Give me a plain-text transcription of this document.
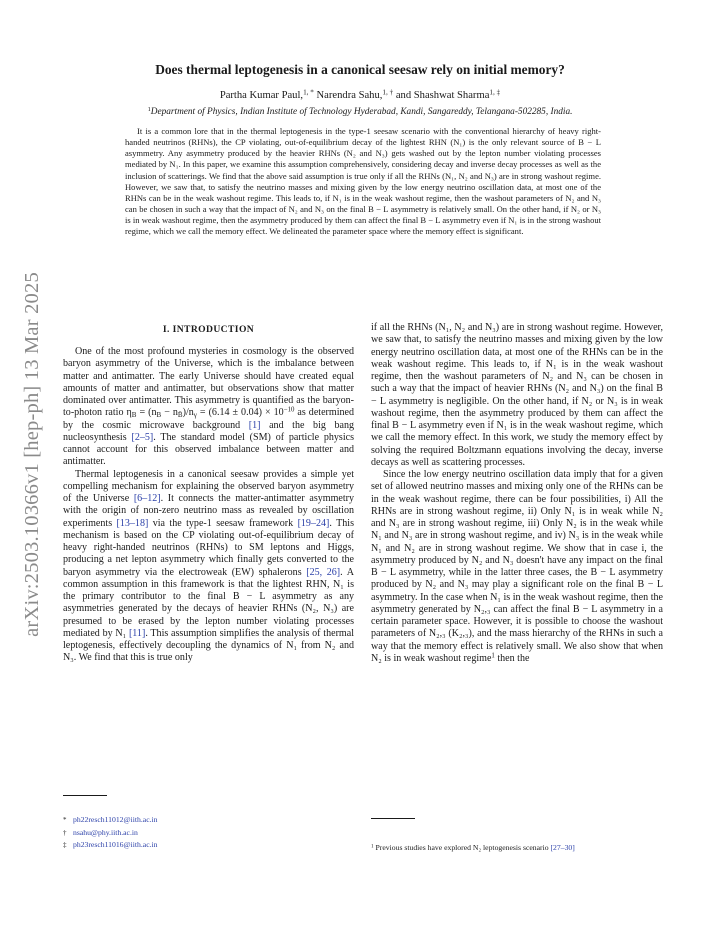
arXiv:2503.10366v1 [hep-ph] 13 Mar 2025
Does thermal leptogenesis in a canonical seesaw rely on initial memory?
Partha Kumar Paul,$^{1, *}$ Narendra Sahu,$^{1, \dagger}$ and Shashwat Sharma$^{1, \ddagger}$
$^1$Department of Physics, Indian Institute of Technology Hyderabad, Kandi, Sangareddy, Telangana-502285, India.

It is a common lore that in the thermal leptogenesis in the type-1 seesaw scenario with the conventional hierarchy of heavy right-handed neutrinos (RHNs), the CP violating, out-of-equilibrium decay of the lightest RHN (N₁) is the only relevant source of B − L asymmetry. Any asymmetry produced by the heavier RHNs (N₂ and N₃) gets washed out by the lepton number violating processes mediated by N₁. In this paper, we examine this assumption comprehensively, considering decay and inverse decay processes as well as the inclusion of scatterings. We find that the above said assumption is true only if all the RHNs (N₁, N₂ and N₃) are in strong washout regime. However, we saw that, to satisfy the neutrino masses and mixing given by the low energy neutrino oscillation data, at most one of the RHNs can be in the weak washout regime. This leads to, if N₁ is in the weak washout regime, then the washout parameters of N₂ and N₃ can be chosen in such a way that the impact of N₂ and N₃ on the final B − L asymmetry is relatively small. On the other hand, if N₂ or N₃ is in weak washout regime, then the asymmetry produced by them can affect the final B − L asymmetry even if N₁ is in the strong washout regime, which we call the memory effect. We delineated the parameter space where the memory effect is significant.

I. INTRODUCTION

One of the most profound mysteries in cosmology is the observed baryon asymmetry of the Universe, which is the imbalance between matter and antimatter. The early Universe should have created equal amounts of matter and antimatter, but observations show that matter dominated over antimatter. This asymmetry is quantified as the baryon-to-photon ratio $\eta_B = (n_B - n_{B̄})/n_\gamma = (6.14 \pm 0.04) \times 10^{-10}$ as determined by the cosmic microwave background [1] and the big bang nucleosynthesis [2–5]. The standard model (SM) of particle physics cannot account for this observed imbalance between matter and antimatter.

Thermal leptogenesis in a canonical seesaw provides a simple yet compelling mechanism for explaining the observed baryon asymmetry of the Universe [6–12]. It connects the matter-antimatter asymmetry with the origin of non-zero neutrino mass as revealed by oscillation experiments [13–18] via the type-1 seesaw framework [19–24]. This mechanism is based on the CP violating out-of-equilibrium decay of heavy right-handed neutrinos (RHNs) to SM leptons and Higgs, producing a net lepton asymmetry which finally gets converted to the baryon asymmetry via the electroweak (EW) sphalerons [25, 26]. A common assumption in this framework is that the lightest RHN, N₁ is the primary contributor to the final B − L asymmetry as any asymmetries generated by the decays of heavier RHNs (N₂, N₃) are presumed to be erased by the lepton number violating processes mediated by N₁ [11]. This assumption simplifies the analysis of thermal leptogenesis, effectively decoupling the dynamics of N₁ from N₂ and N₃. We find that this is true only

if all the RHNs (N₁, N₂ and N₃) are in strong washout regime. However, we saw that, to satisfy the neutrino masses and mixing given by the low energy neutrino oscillation data, at most one of the RHNs can be in the weak washout regime. This leads to, if N₁ is in the weak washout regime, then the washout parameters of N₂ and N₃ can be chosen in such a way that the impact of heavier RHNs (N₂ and N₃) on the final B − L asymmetry is negligible. On the other hand, if N₂ or N₃ is in weak washout regime, then the asymmetry produced by them can affect the final B − L asymmetry even if N₁ is in the weak washout regime, which we call the memory effect. In this work, we study the memory effect by solving the required Boltzmann equations involving the decay, inverse decays as well as scattering processes.

Since the low energy neutrino oscillation data imply that for a given set of allowed neutrino masses and mixing only one of the RHNs can be in the weak washout regime, there can be four possibilities, i) All the RHNs are in strong washout regime, ii) Only N₁ is in weak while N₂ and N₃ are in strong washout regime, iii) Only N₂ is in the weak while N₁ and N₃ are in strong washout regime, and iv) N₃ is in the weak while N₁ and N₂ are in strong washout regime. We show that in case i, the asymmetry produced by N₂ and N₃ doesn't have any impact on the final B − L asymmetry, while in the latter three cases, the B − L asymmetry produced by N₂ and N₃ may play a significant role on the final B − L asymmetry. In the case when N₁ is in the weak washout regime, then the asymmetry generated by N₂,₃ can affect the final B − L asymmetry in a certain parameter space. However, it is possible to choose the washout parameters of N₂,₃ (K₂,₃), and the mass hierarchy of the RHNs in such a way that the memory effect is relatively small. We also show that when N₂ is in weak washout regime$^1$ then the

* ph22resch11012@iith.ac.in
† nsahu@phy.iith.ac.in
‡ ph23resch11016@iith.ac.in	$^1$ Previous studies have explored N₂ leptogenesis scenario [27–30]
